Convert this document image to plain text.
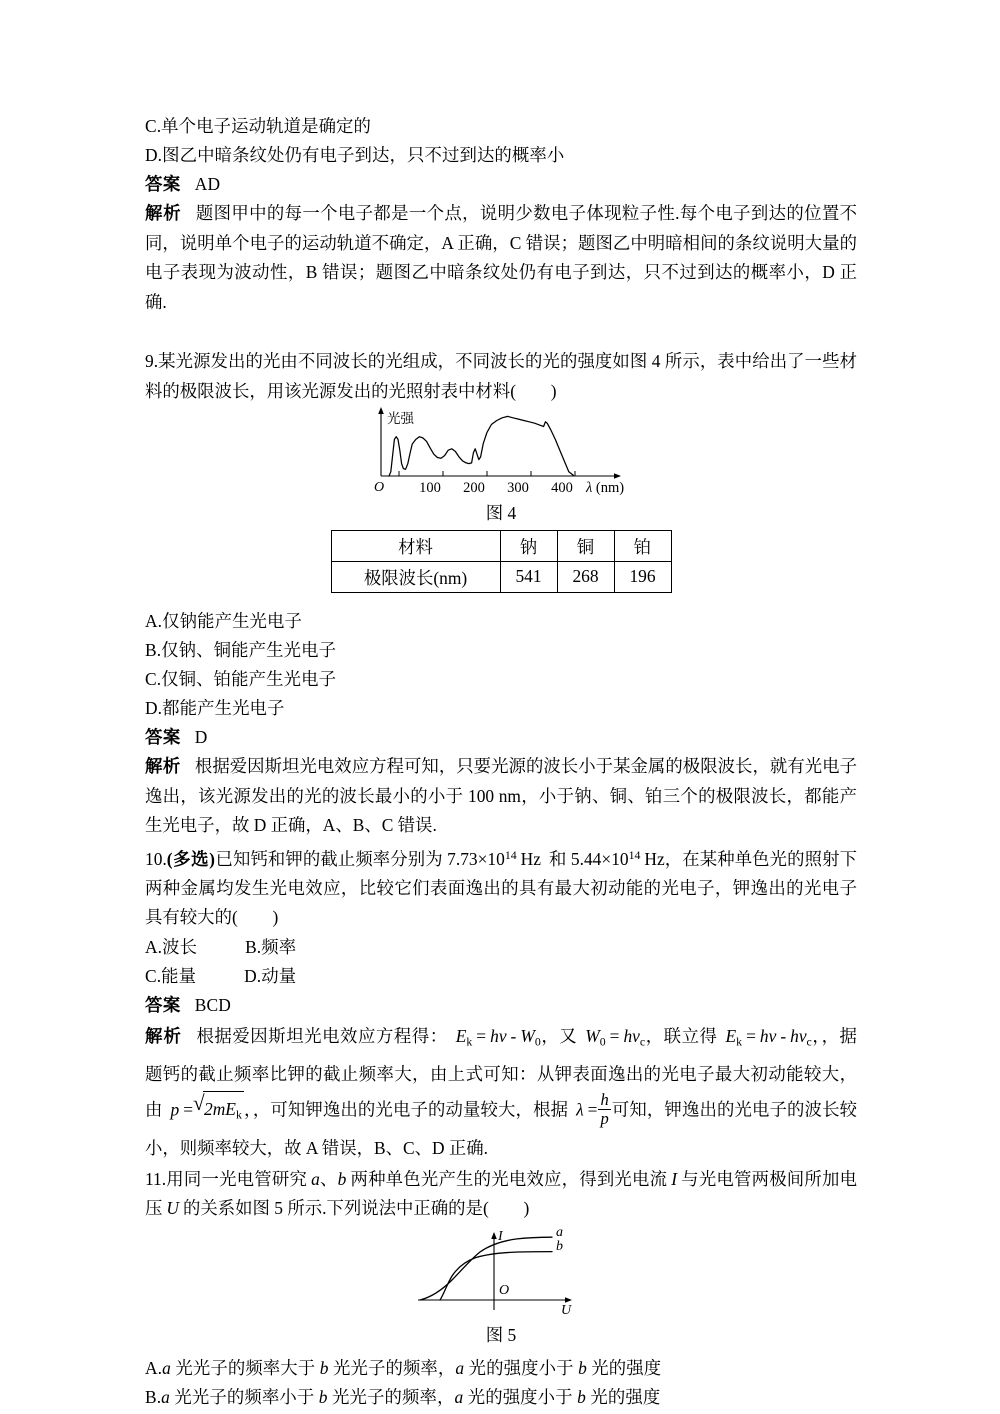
C.单个电子运动轨道是确定的
D.图乙中暗条纹处仍有电子到达，只不过到达的概率小
答案 AD
解析 题图甲中的每一个电子都是一个点，说明少数电子体现粒子性.每个电子到达的位置不同，说明单个电子的运动轨道不确定，A 正确，C 错误；题图乙中明暗相间的条纹说明大量的电子表现为波动性，B 错误；题图乙中暗条纹处仍有电子到达，只不过到达的概率小，D 正确.
9.某光源发出的光由不同波长的光组成，不同波长的光的强度如图 4 所示，表中给出了一些材料的极限波长，用该光源发出的光照射表中材料(　　)
光强
O 100 200 300 400 λ (nm)
图 4
材料	钠	铜	铂
极限波长(nm)	541	268	196
A.仅钠能产生光电子
B.仅钠、铜能产生光电子
C.仅铜、铂能产生光电子
D.都能产生光电子
答案 D
解析 根据爱因斯坦光电效应方程可知，只要光源的波长小于某金属的极限波长，就有光电子逸出，该光源发出的光的波长最小的小于 100 nm，小于钠、铜、铂三个的极限波长，都能产生光电子，故 D 正确，A、B、C 错误.
10.(多选)已知钙和钾的截止频率分别为 $7.73\times 10^{14}$ Hz 和 $5.44\times 10^{14}$ Hz，在某种单色光的照射下两种金属均发生光电效应，比较它们表面逸出的具有最大初动能的光电子，钾逸出的光电子具有较大的(　　)
A.波长	B.频率
C.能量	D.动量
答案 BCD
解析 根据爱因斯坦光电效应方程得： $E_k$ = hv - $W_0$，又 $W_0 = hv_c$，联立得 $E_k$ = hv - $hv_c$，，据题钙的截止频率比钾的截止频率大，由上式可知：从钾表面逸出的光电子最大初动能较大，由 p = √ $2mE_k$ ，，可知钾逸出的光电子的动量较大，根据 $\lambda = \frac{h}{p}$ 可知，钾逸出的光电子的波长较小，则频率较大，故 A 错误，B、C、D 正确.
11.用同一光电管研究 a、b 两种单色光产生的光电效应，得到光电流 I 与光电管两极间所加电压 U 的关系如图 5 所示.下列说法中正确的是(　　)
a
b
I
O
U
图 5
A.a 光光子的频率大于 b 光光子的频率，a 光的强度小于 b 光的强度
B.a 光光子的频率小于 b 光光子的频率，a 光的强度小于 b 光的强度
